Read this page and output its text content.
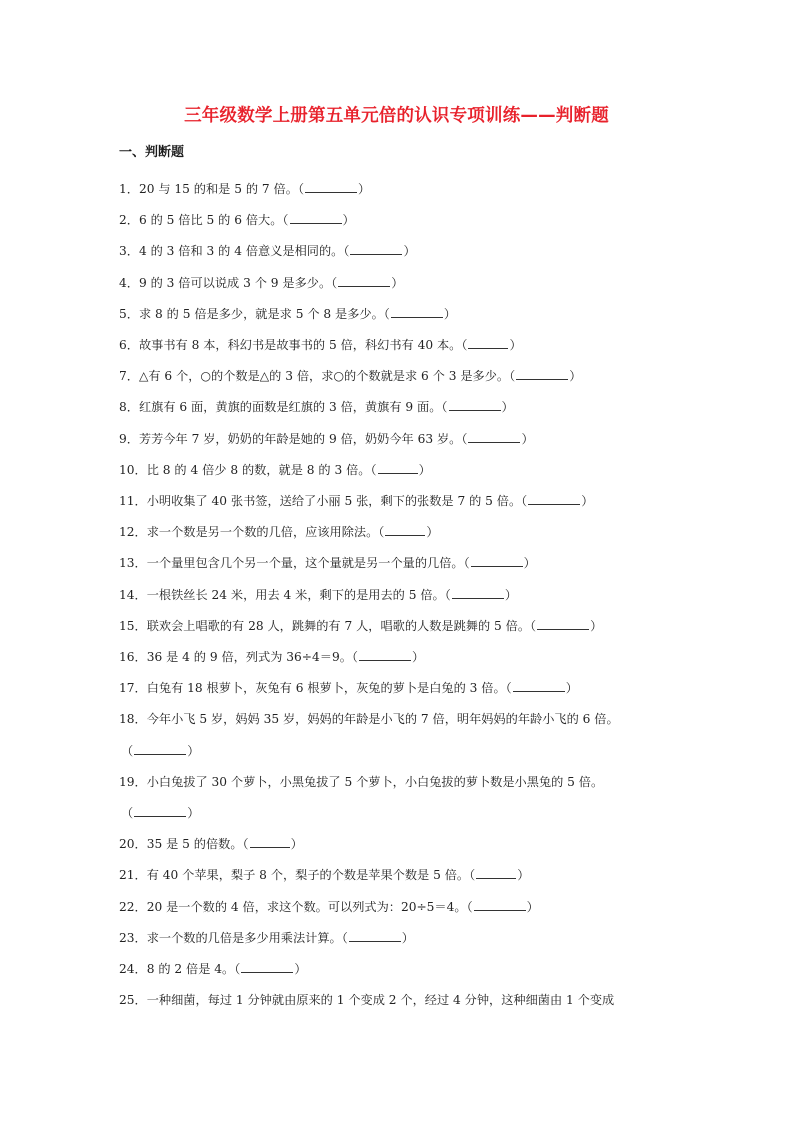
三年级数学上册第五单元倍的认识专项训练——判断题
一、判断题
1．20 与 15 的和是 5 的 7 倍。（	）
2．6 的 5 倍比 5 的 6 倍大。（	）
3．4 的 3 倍和 3 的 4 倍意义是相同的。（	）
4．9 的 3 倍可以说成 3 个 9 是多少。（	）
5．求 8 的 5 倍是多少，就是求 5 个 8 是多少。（	）
6．故事书有 8 本，科幻书是故事书的 5 倍，科幻书有 40 本。（	）
7．△有 6 个，○的个数是△的 3 倍，求○的个数就是求 6 个 3 是多少。（	）
8．红旗有 6 面，黄旗的面数是红旗的 3 倍，黄旗有 9 面。（	）
9．芳芳今年 7 岁，奶奶的年龄是她的 9 倍，奶奶今年 63 岁。（	）
10．比 8 的 4 倍少 8 的数，就是 8 的 3 倍。（	）
11．小明收集了 40 张书签，送给了小丽 5 张，剩下的张数是 7 的 5 倍。（	）
12．求一个数是另一个数的几倍，应该用除法。（	）
13．一个量里包含几个另一个量，这个量就是另一个量的几倍。（	）
14．一根铁丝长 24 米，用去 4 米，剩下的是用去的 5 倍。（	）
15．联欢会上唱歌的有 28 人，跳舞的有 7 人，唱歌的人数是跳舞的 5 倍。（	）
16．36 是 4 的 9 倍，列式为 36÷4＝9。（	）
17．白兔有 18 根萝卜，灰兔有 6 根萝卜，灰兔的萝卜是白兔的 3 倍。（	）
18．今年小飞 5 岁，妈妈 35 岁，妈妈的年龄是小飞的 7 倍，明年妈妈的年龄小飞的 6 倍。
（	）
19．小白兔拔了 30 个萝卜，小黑兔拔了 5 个萝卜，小白兔拔的萝卜数是小黑兔的 5 倍。
（	）
20．35 是 5 的倍数。（	）
21．有 40 个苹果，梨子 8 个，梨子的个数是苹果个数是 5 倍。（	）
22．20 是一个数的 4 倍，求这个数。可以列式为：20÷5＝4。（	）
23．求一个数的几倍是多少用乘法计算。（	）
24．8 的 2 倍是 4。（	）
25．一种细菌，每过 1 分钟就由原来的 1 个变成 2 个，经过 4 分钟，这种细菌由 1 个变成
